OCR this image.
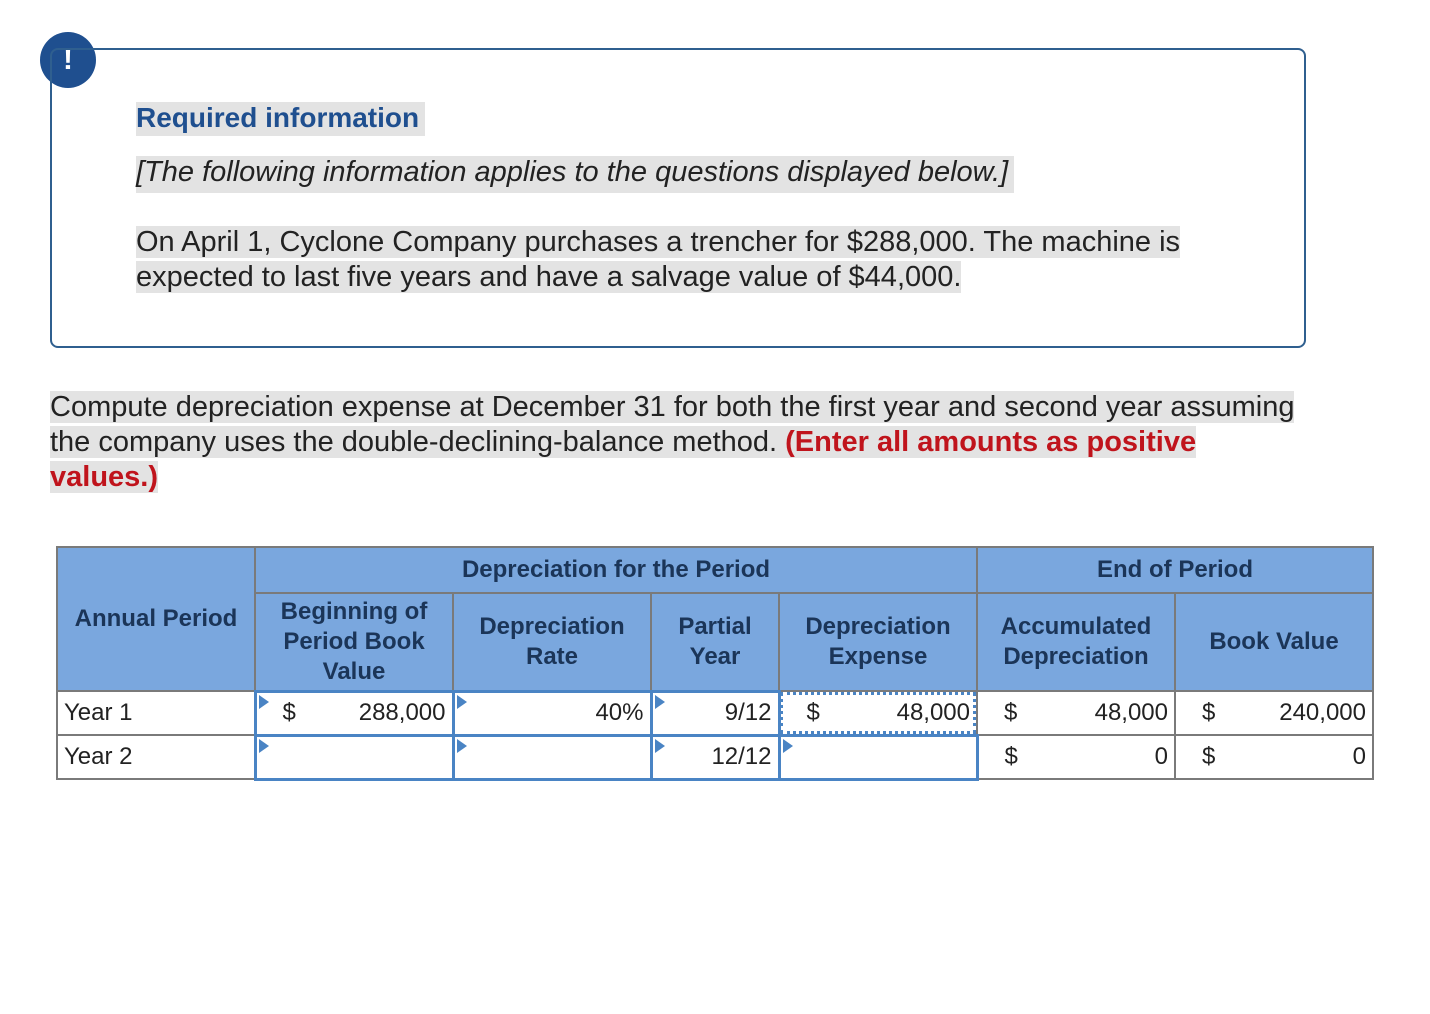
!
Required information
[The following information applies to the questions displayed below.]
On April 1, Cyclone Company purchases a trencher for $288,000. The machine is expected to last five years and have a salvage value of $44,000.
Compute depreciation expense at December 31 for both the first year and second year assuming the company uses the double-declining-balance method. (Enter all amounts as positive values.)
Annual Period	Depreciation for the Period				End of Period	
	Beginning of Period Book Value	Depreciation Rate	Partial Year	Depreciation Expense	Accumulated Depreciation	Book Value
Year 1	$ 288,000	40%	9/12	$ 48,000	$ 48,000	$ 240,000

Year 2			12/12		$ 0	$ 0
